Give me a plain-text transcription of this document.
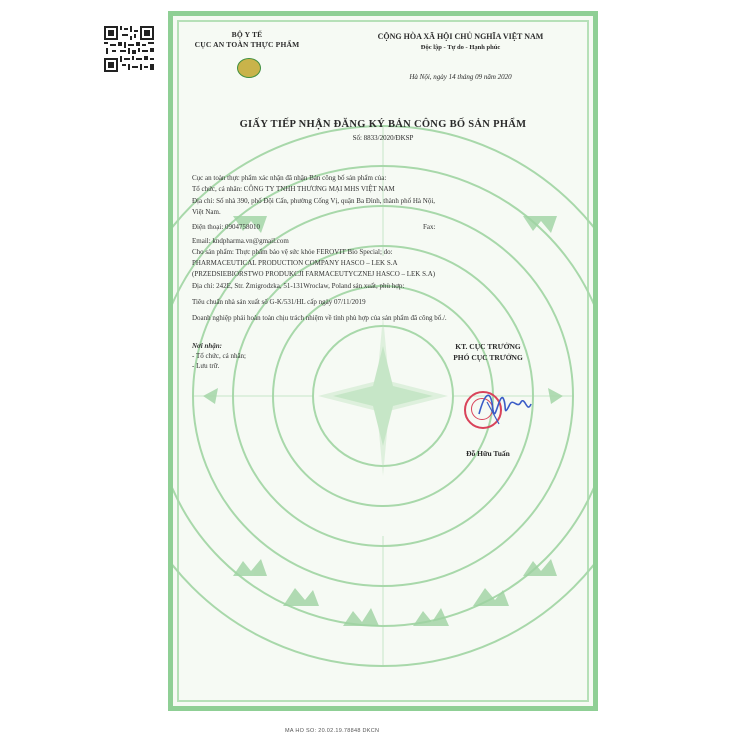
BỘ Y TẾ
CỤC AN TOÀN THỰC PHẨM
CỘNG HÒA XÃ HỘI CHỦ NGHĨA VIỆT NAM
Độc lập - Tự do - Hạnh phúc
Hà Nội, ngày 14 tháng 09 năm 2020
GIẤY TIẾP NHẬN ĐĂNG KÝ BẢN CÔNG BỐ SẢN PHẨM
Số: 8833/2020/ĐKSP
Cục an toàn thực phẩm xác nhận đã nhận Bản công bố sản phẩm của:
Tổ chức, cá nhân: CÔNG TY TNHH THƯƠNG MẠI MHS VIỆT NAM
Địa chỉ: Số nhà 390, phố Đội Cấn, phường Cống Vị, quận Ba Đình, thành phố Hà Nội,
Việt Nam.
Điện thoại: 0904758010	Fax:
Email: kndpharma.vn@gmail.com
Cho sản phẩm: Thực phẩm bảo vệ sức khỏe FEROVIT Bio Special; do:
PHARMACEUTICAL PRODUCTION COMPANY HASCO – LEK S.A
(PRZEDSIEBIORSTWO PRODUKCJI FARMACEUTYCZNEJ HASCO – LEK S.A)
Địa chỉ: 242E, Str. Żmigrodzka, 51-131Wroclaw, Poland sản xuất, phù hợp:
Tiêu chuẩn nhà sản xuất số G-K/531/HL cấp ngày 07/11/2019
Doanh nghiệp phải hoàn toàn chịu trách nhiệm về tính phù hợp của sản phẩm đã công bố./.
Nơi nhận:
- Tổ chức, cá nhân;
- Lưu trữ.
KT. CỤC TRƯỞNG
PHÓ CỤC TRƯỞNG
Đỗ Hữu Tuấn
MA HO SO: 20.02.19.78848 DKCN
